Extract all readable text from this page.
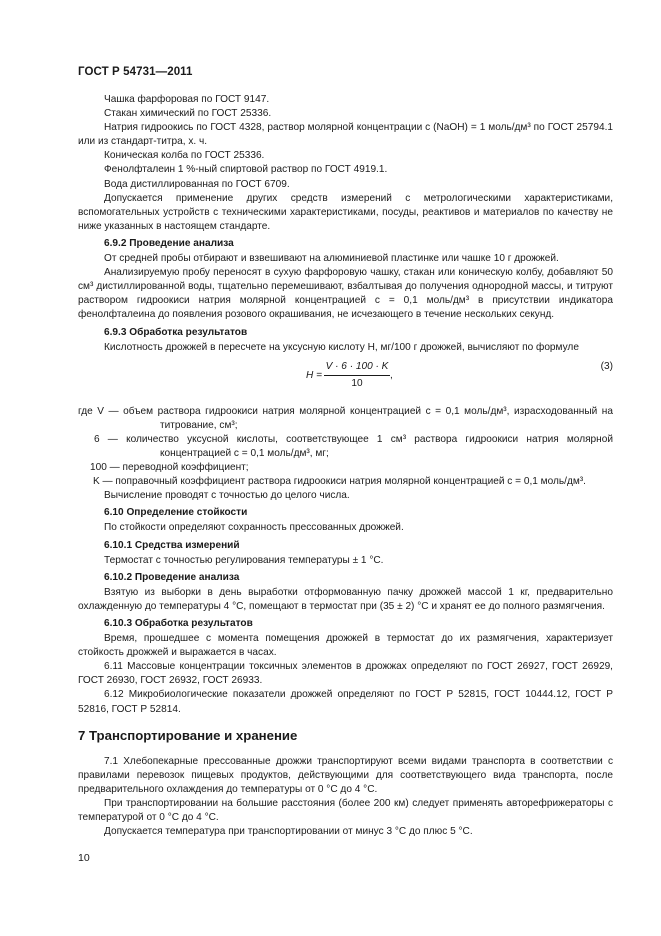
ГОСТ Р 54731—2011

Чашка фарфоровая по ГОСТ 9147.

Стакан химический по ГОСТ 25336.

Натрия гидроокись по ГОСТ 4328, раствор молярной концентрации c (NaOH) = 1 моль/дм³ по ГОСТ 25794.1 или из стандарт-титра, х. ч.

Коническая колба по ГОСТ 25336.

Фенолфталеин 1 %-ный спиртовой раствор по ГОСТ 4919.1.

Вода дистиллированная по ГОСТ 6709.

Допускается применение других средств измерений с метрологическими характеристиками, вспомогательных устройств с техническими характеристиками, посуды, реактивов и материалов по качеству не ниже указанных в настоящем стандарте.

6.9.2 Проведение анализа

От средней пробы отбирают и взвешивают на алюминиевой пластинке или чашке 10 г дрожжей.

Анализируемую пробу переносят в сухую фарфоровую чашку, стакан или коническую колбу, добавляют 50 см³ дистиллированной воды, тщательно перемешивают, взбалтывая до получения однородной массы, и титруют раствором гидроокиси натрия молярной концентрацией c = 0,1 моль/дм³ в присутствии индикатора фенолфталеина до появления розового окрашивания, не исчезающего в течение нескольких секунд.

6.9.3 Обработка результатов

Кислотность дрожжей в пересчете на уксусную кислоту H, мг/100 г дрожжей, вычисляют по формуле

$H = \frac{V \cdot 6 \cdot 100 \cdot K}{10}$ ,
(3)

где V — объем раствора гидроокиси натрия молярной концентрацией c = 0,1 моль/дм³, израсходованный на титрование, см³;

6 — количество уксусной кислоты, соответствующее 1 см³ раствора гидроокиси натрия молярной концентрацией c = 0,1 моль/дм³, мг;

100 — переводной коэффициент;

K — поправочный коэффициент раствора гидроокиси натрия молярной концентрацией c = 0,1 моль/дм³.

Вычисление проводят с точностью до целого числа.

6.10 Определение стойкости

По стойкости определяют сохранность прессованных дрожжей.

6.10.1 Средства измерений

Термостат с точностью регулирования температуры ± 1 °С.

6.10.2 Проведение анализа

Взятую из выборки в день выработки отформованную пачку дрожжей массой 1 кг, предварительно охлажденную до температуры 4 °С, помещают в термостат при (35 ± 2) °С и хранят ее до полного размягчения.

6.10.3 Обработка результатов

Время, прошедшее с момента помещения дрожжей в термостат до их размягчения, характеризует стойкость дрожжей и выражается в часах.

6.11 Массовые концентрации токсичных элементов в дрожжах определяют по ГОСТ 26927, ГОСТ 26929, ГОСТ 26930, ГОСТ 26932, ГОСТ 26933.

6.12 Микробиологические показатели дрожжей определяют по ГОСТ Р 52815, ГОСТ 10444.12, ГОСТ Р 52816, ГОСТ Р 52814.

7 Транспортирование и хранение

7.1 Хлебопекарные прессованные дрожжи транспортируют всеми видами транспорта в соответствии с правилами перевозок пищевых продуктов, действующими для соответствующего вида транспорта, после предварительного охлаждения до температуры от 0 °С до 4 °С.

При транспортировании на большие расстояния (более 200 км) следует применять авторефрижераторы с температурой от 0 °С до 4 °С.

Допускается температура при транспортировании от минус 3 °С до плюс 5 °С.

10
